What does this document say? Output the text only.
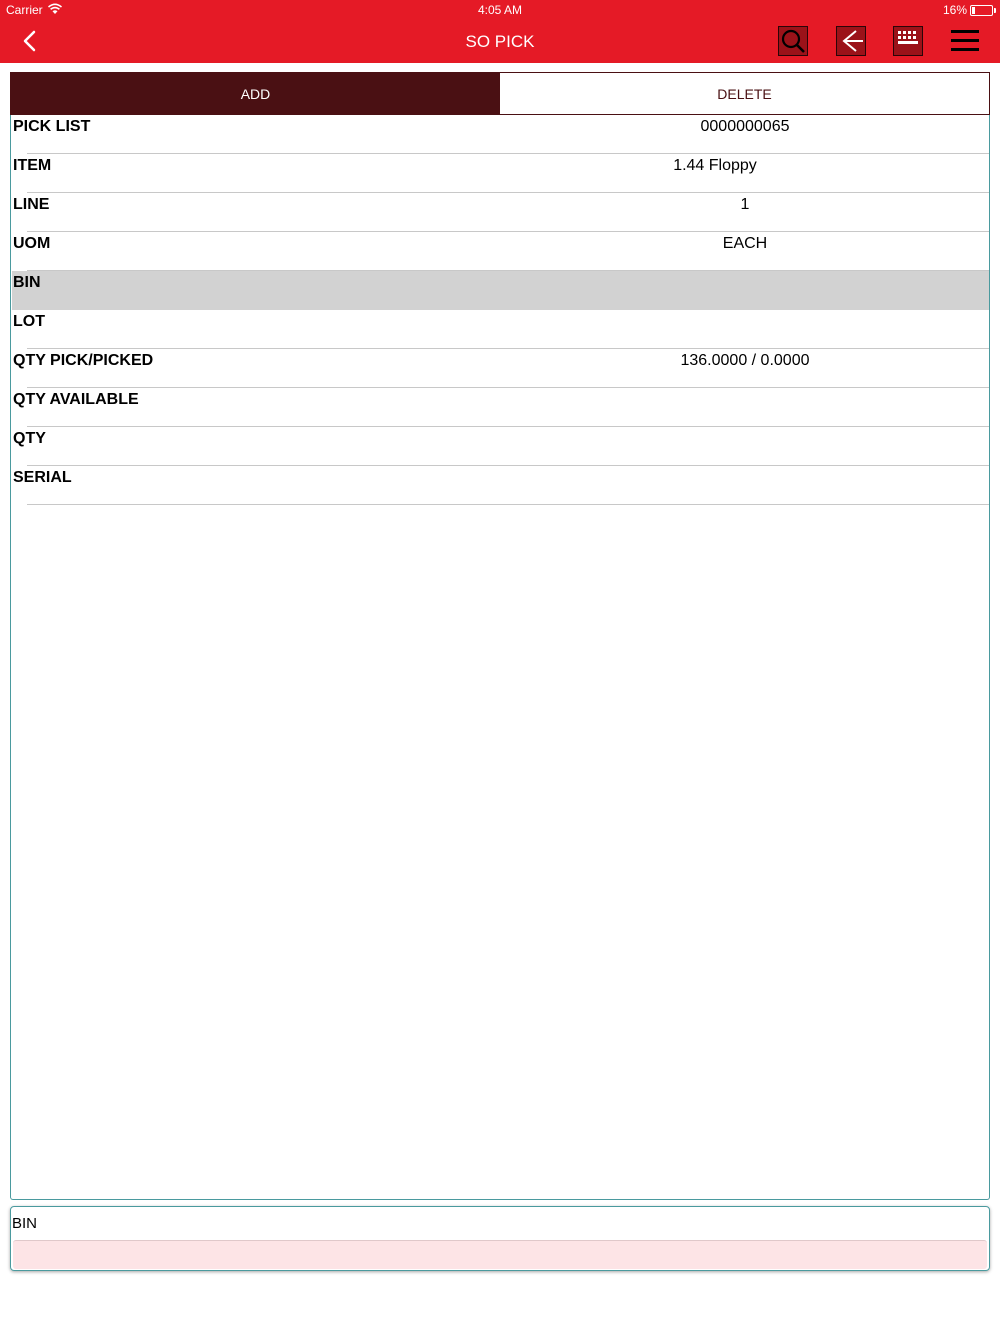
Carrier	4:05 AM	16%
SO PICK
ADD	DELETE
PICK LIST	0000000065
ITEM	1.44 Floppy
LINE	1
UOM	EACH
BIN
LOT
QTY PICK/PICKED	136.0000 / 0.0000
QTY AVAILABLE
QTY
SERIAL
BIN
